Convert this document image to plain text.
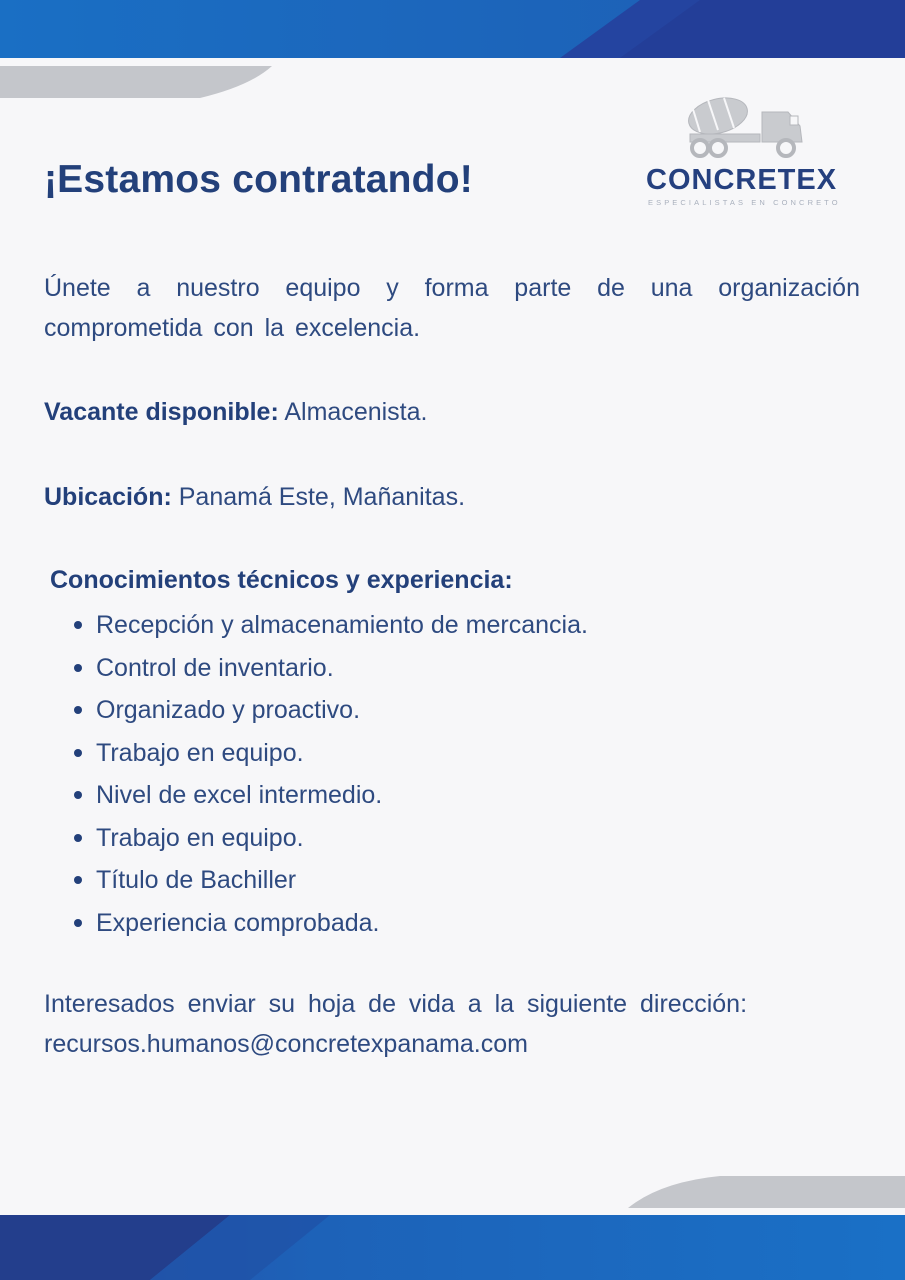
¡Estamos contratando!	CONCRETEX
ESPECIALISTAS EN CONCRETO

Únete a nuestro equipo y forma parte de una organización comprometida con la excelencia.

Vacante disponible: Almacenista.

Ubicación: Panamá Este, Mañanitas.

Conocimientos técnicos y experiencia:
Recepción y almacenamiento de mercancia.
Control de inventario.
Organizado y proactivo.
Trabajo en equipo.
Nivel de excel intermedio.
Trabajo en equipo.
Título de Bachiller
Experiencia comprobada.

Interesados enviar su hoja de vida a la siguiente dirección:

recursos.humanos@concretexpanama.com
